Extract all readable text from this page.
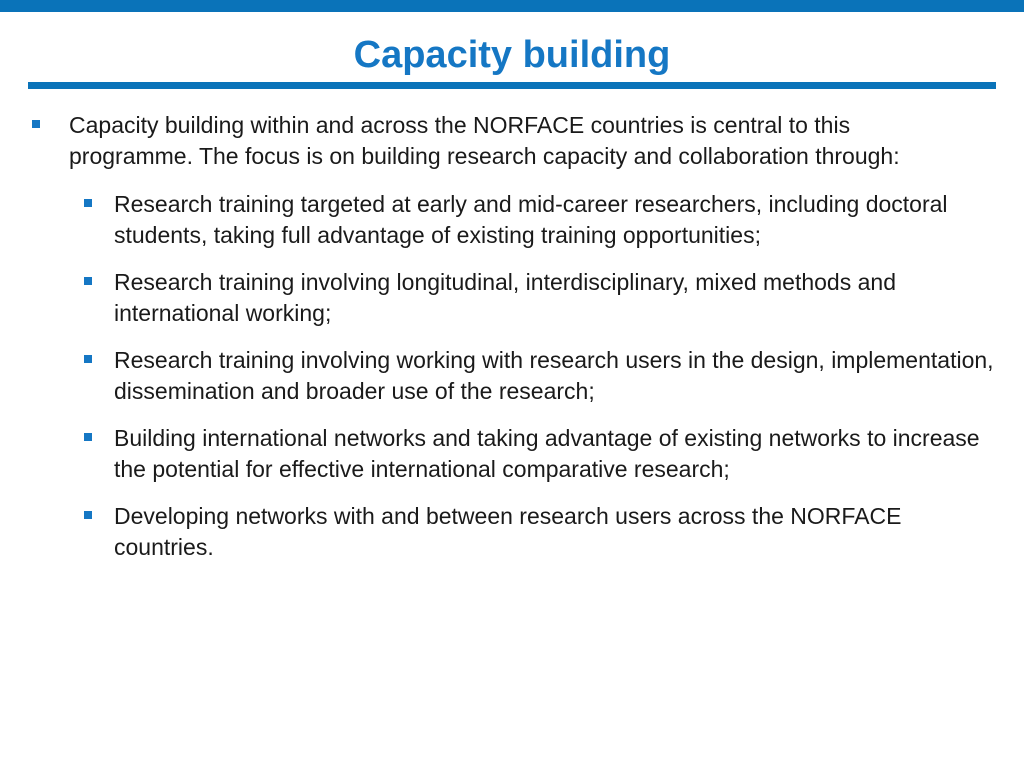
Capacity building
Capacity building within and across the NORFACE countries is central to this programme. The focus is on building research capacity and collaboration through:
Research training targeted at early and mid-career researchers, including doctoral students, taking full advantage of existing training opportunities;
Research training involving longitudinal, interdisciplinary, mixed methods and international working;
Research training involving working with research users in the design, implementation, dissemination and broader use of the research;
Building international networks and taking advantage of existing networks to increase the potential for effective international comparative research;
Developing networks with and between research users across the NORFACE countries.
